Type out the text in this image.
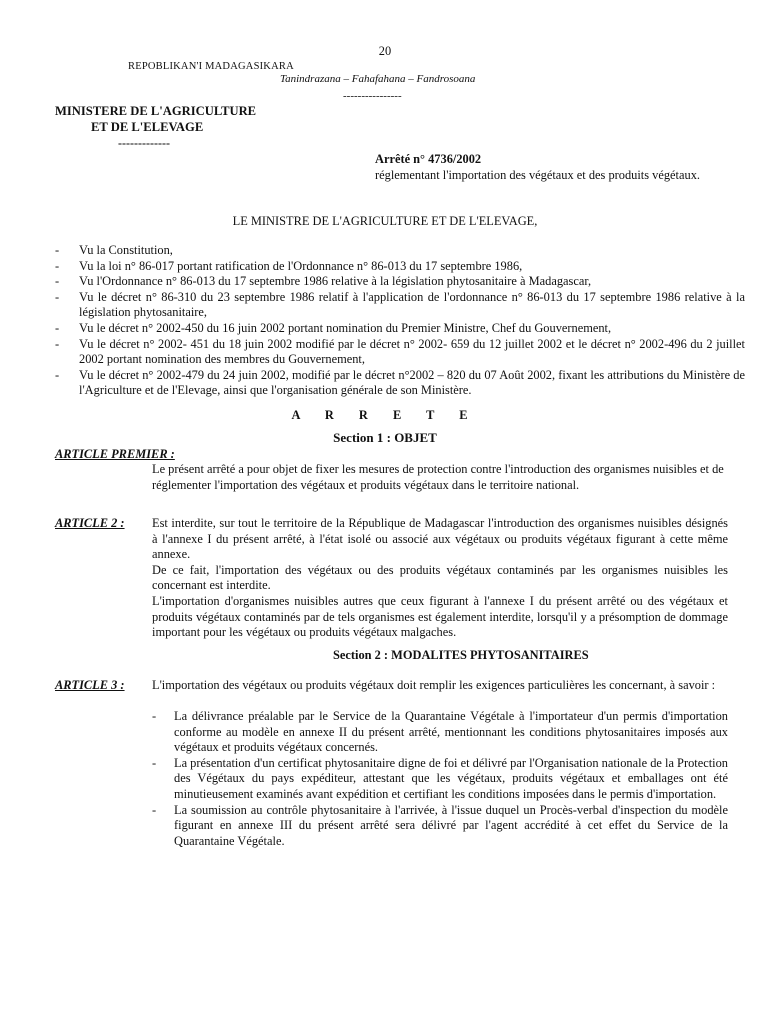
20
REPOBLIKAN'I MADAGASIKARA
Tanindrazana – Fahafahana – Fandrosoana
----------------
MINISTERE DE L'AGRICULTURE
ET DE L'ELEVAGE
-------------
Arrêté n° 4736/2002
réglementant l'importation des végétaux et des produits végétaux.
LE MINISTRE DE L'AGRICULTURE ET DE L'ELEVAGE,
- Vu la Constitution,
- Vu la loi n° 86-017 portant ratification de l'Ordonnance n° 86-013 du 17 septembre 1986,
- Vu l'Ordonnance n° 86-013 du 17 septembre 1986 relative à la législation phytosanitaire à Madagascar,
- Vu le décret n° 86-310 du 23 septembre 1986 relatif à l'application de l'ordonnance n° 86-013 du 17 septembre 1986 relative à la législation phytosanitaire,
- Vu le décret n° 2002-450 du 16 juin 2002 portant nomination du Premier Ministre, Chef du Gouvernement,
- Vu le décret n° 2002- 451 du 18 juin 2002 modifié par le décret n° 2002- 659 du 12 juillet 2002 et le décret n° 2002-496 du 2 juillet 2002 portant nomination des membres du Gouvernement,
- Vu le décret n° 2002-479 du 24 juin 2002, modifié par le décret n°2002 – 820 du 07 Août 2002, fixant les attributions du Ministère de l'Agriculture et de l'Elevage, ainsi que l'organisation générale de son Ministère.
A R R E T E
Section 1 : OBJET
ARTICLE PREMIER :
Le présent arrêté a pour objet de fixer les mesures de protection contre l'introduction des organismes nuisibles et de réglementer l'importation des végétaux et produits végétaux dans le territoire national.
ARTICLE 2 : Est interdite, sur tout le territoire de la République de Madagascar l'introduction des organismes nuisibles désignés à l'annexe I du présent arrêté, à l'état isolé ou associé aux végétaux ou produits végétaux figurant à cette même annexe.

De ce fait, l'importation des végétaux ou des produits végétaux contaminés par les organismes nuisibles les concernant est interdite.

L'importation d'organismes nuisibles autres que ceux figurant à l'annexe I du présent arrêté ou des végétaux et produits végétaux contaminés par de tels organismes est également interdite, lorsqu'il y a présomption de dommage important pour les végétaux ou produits végétaux malgaches.

Section 2 : MODALITES PHYTOSANITAIRES
ARTICLE 3 : L'importation des végétaux ou produits végétaux doit remplir les exigences particulières les concernant, à savoir :
- La délivrance préalable par le Service de la Quarantaine Végétale à l'importateur d'un permis d'importation conforme au modèle en annexe II du présent arrêté, mentionnant les conditions phytosanitaires imposés aux végétaux et produits végétaux concernés.
- La présentation d'un certificat phytosanitaire digne de foi et délivré par l'Organisation nationale de la Protection des Végétaux du pays expéditeur, attestant que les végétaux, produits végétaux et emballages ont été minutieusement examinés avant expédition et certifiant les conditions imposées dans le permis d'importation.
- La soumission au contrôle phytosanitaire à l'arrivée, à l'issue duquel un Procès-verbal d'inspection du modèle figurant en annexe III du présent arrêté sera délivré par l'agent accrédité à cet effet du Service de la Quarantaine Végétale.
